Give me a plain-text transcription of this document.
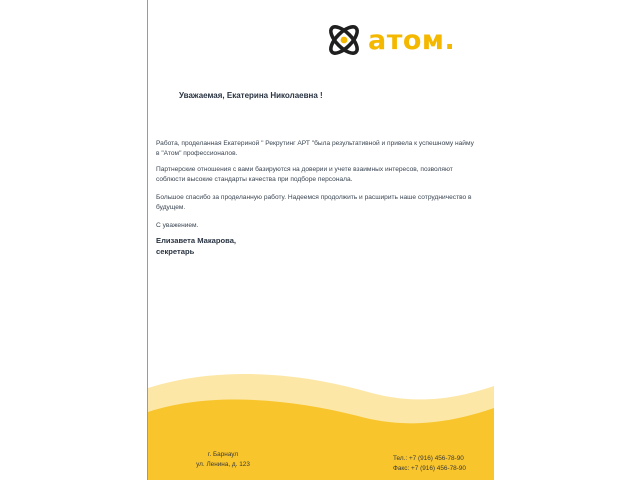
атом.
Уважаемая, Екатерина Николаевна !
Работа, проделанная Екатериной " Рекрутинг АРТ "была результативной и привела к успешному найму в "Атом" профессионалов.
Партнерские отношения с вами базируются на доверии и учете взаимных интересов, позволяют соблюсти высокие стандарты качества при подборе персонала.
Большое спасибо за проделанную работу. Надеемся продолжить и расширить наше сотрудничество в будущем.
С уважением.
Елизавета Макарова,
секретарь
г. Барнаул
ул. Ленина, д. 123
Тел.: +7 (916) 456-78-90
Факс: +7 (916) 456-78-90
